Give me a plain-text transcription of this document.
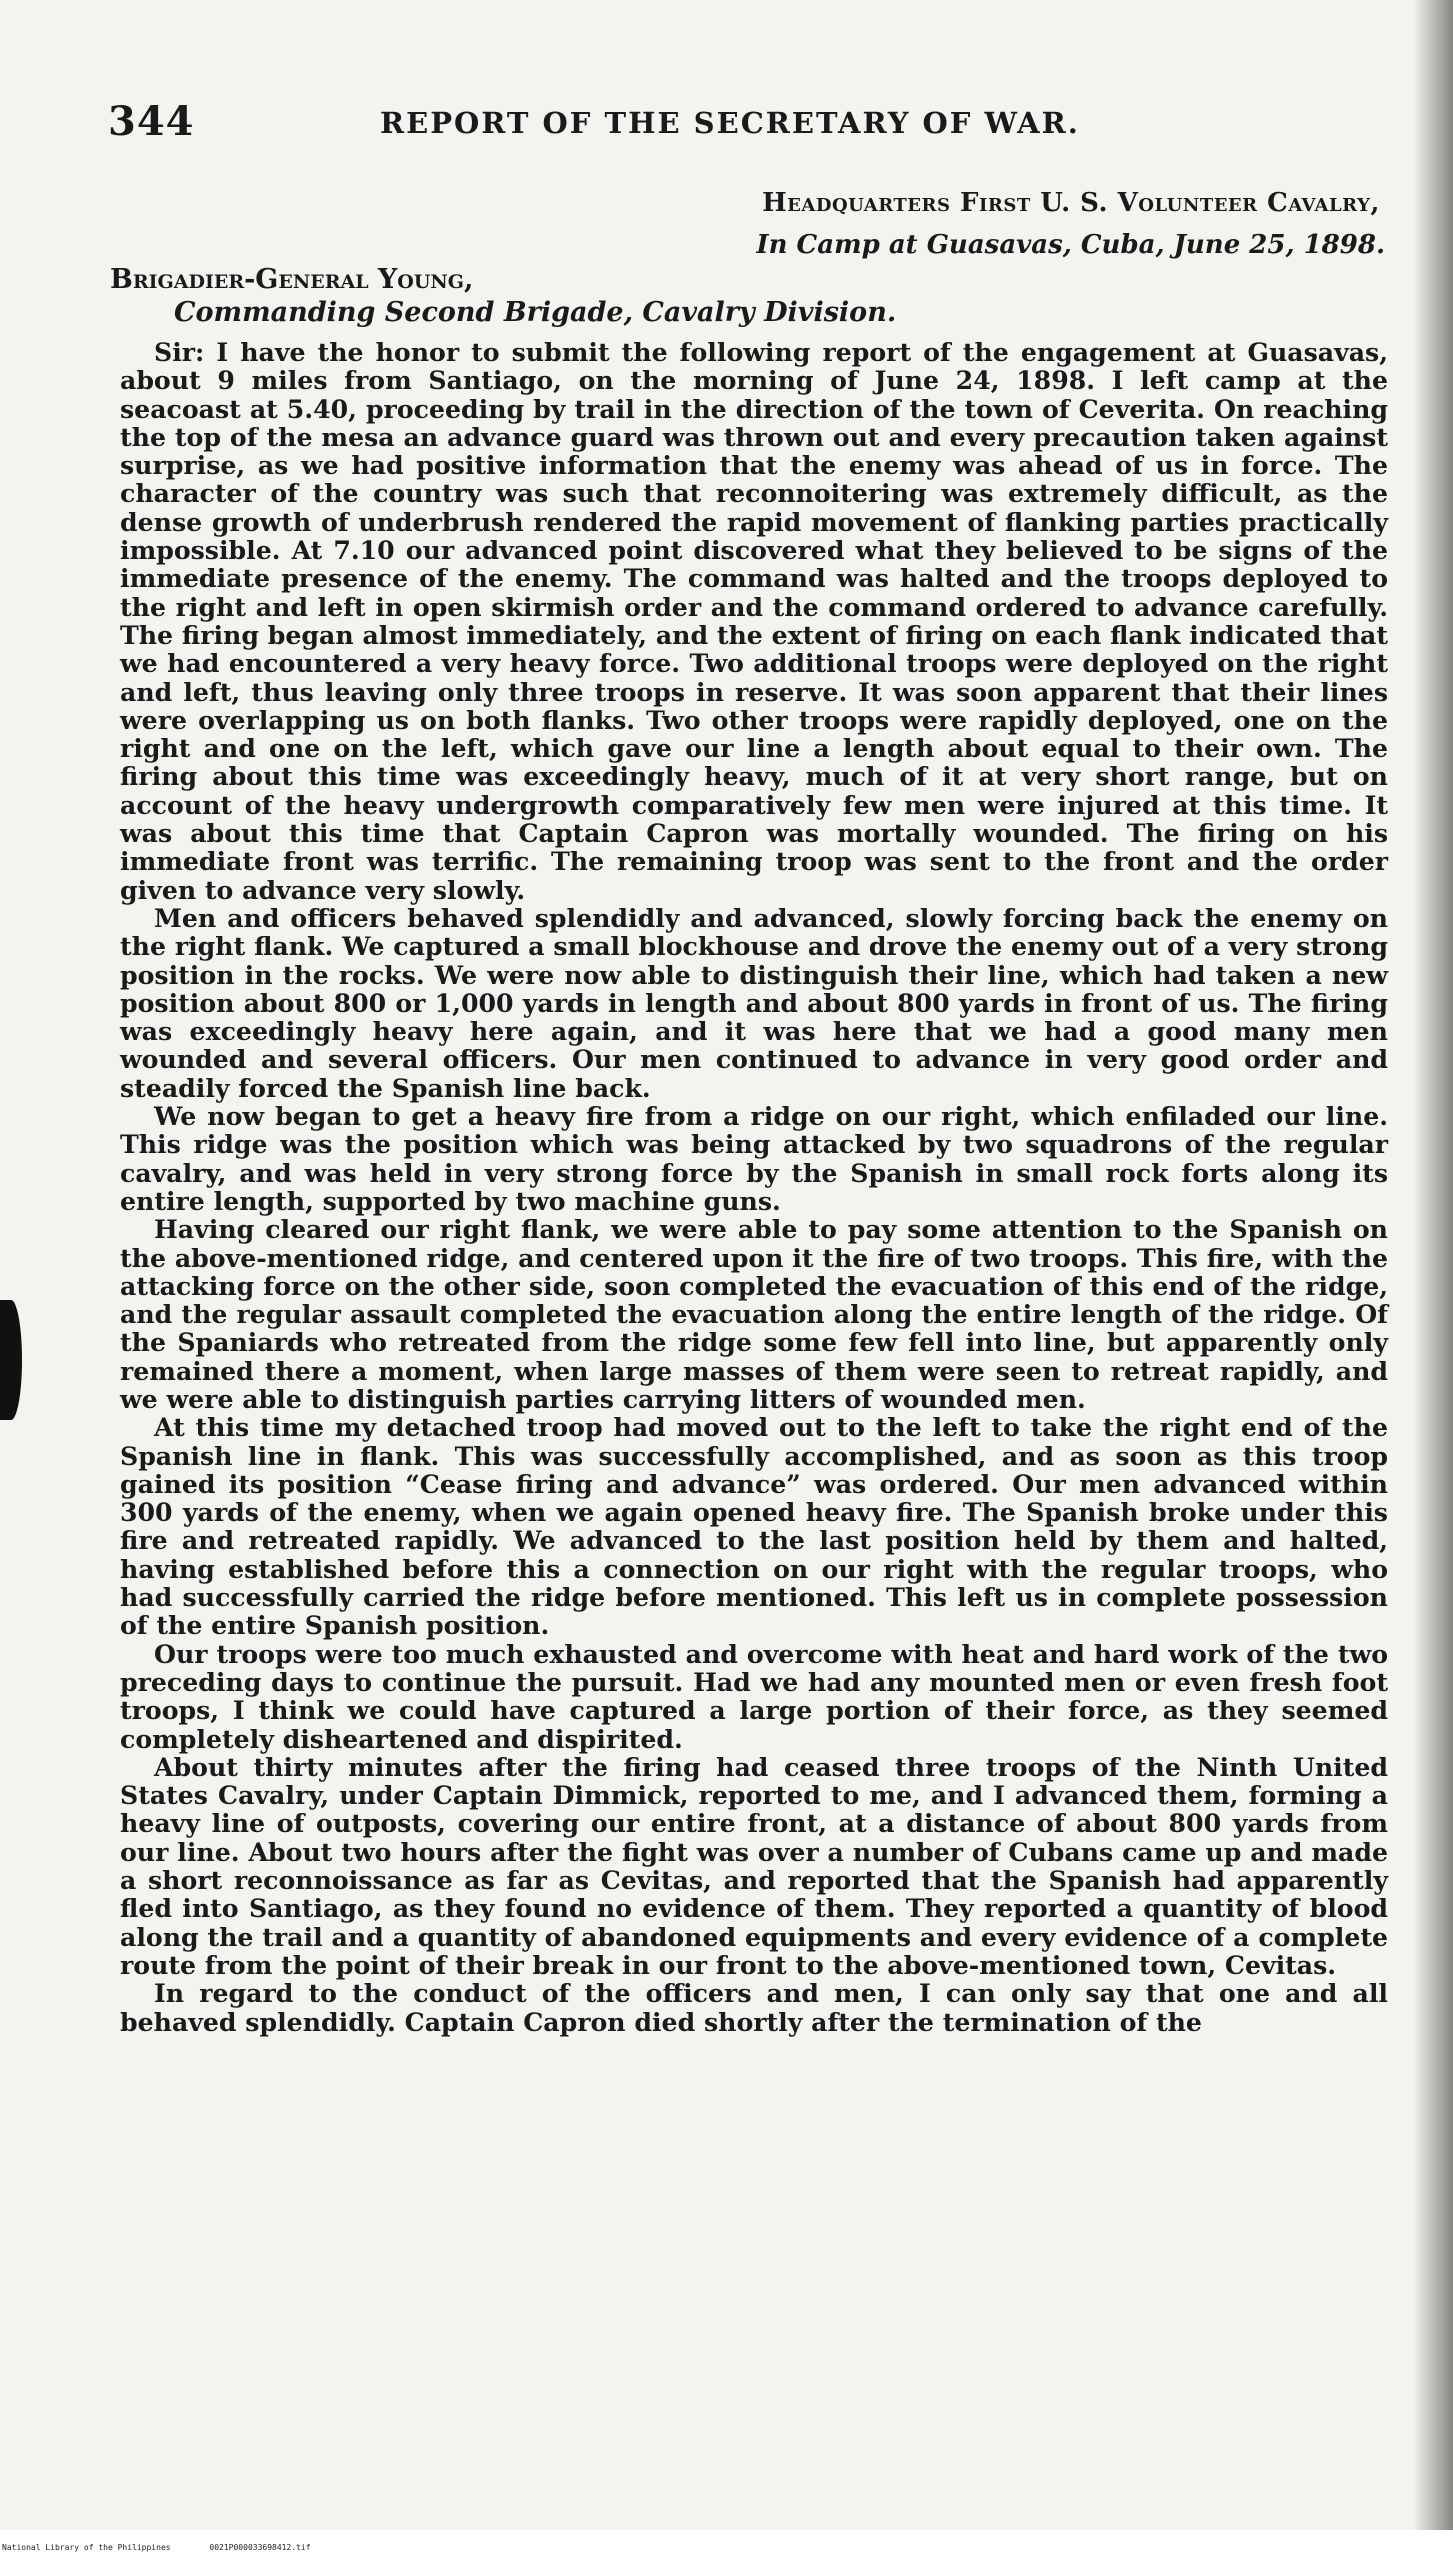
344	REPORT OF THE SECRETARY OF WAR.
Headquarters First U. S. Volunteer Cavalry,
In Camp at Guasavas, Cuba, June 25, 1898.
Brigadier-General Young,
Commanding Second Brigade, Cavalry Division.

Sir: I have the honor to submit the following report of the engagement at Guasavas, about 9 miles from Santiago, on the morning of June 24, 1898. I left camp at the seacoast at 5.40, proceeding by trail in the direction of the town of Ceverita. On reaching the top of the mesa an advance guard was thrown out and every precaution taken against surprise, as we had positive information that the enemy was ahead of us in force. The character of the country was such that reconnoitering was extremely difficult, as the dense growth of underbrush rendered the rapid movement of flanking parties practically impossible. At 7.10 our advanced point discovered what they believed to be signs of the immediate presence of the enemy. The command was halted and the troops deployed to the right and left in open skirmish order and the command ordered to advance carefully. The firing began almost immediately, and the extent of firing on each flank indicated that we had encountered a very heavy force. Two additional troops were deployed on the right and left, thus leaving only three troops in reserve. It was soon apparent that their lines were overlapping us on both flanks. Two other troops were rapidly deployed, one on the right and one on the left, which gave our line a length about equal to their own. The firing about this time was exceedingly heavy, much of it at very short range, but on account of the heavy undergrowth comparatively few men were injured at this time. It was about this time that Captain Capron was mortally wounded. The firing on his immediate front was terrific. The remaining troop was sent to the front and the order given to advance very slowly.

Men and officers behaved splendidly and advanced, slowly forcing back the enemy on the right flank. We captured a small blockhouse and drove the enemy out of a very strong position in the rocks. We were now able to distinguish their line, which had taken a new position about 800 or 1,000 yards in length and about 800 yards in front of us. The firing was exceedingly heavy here again, and it was here that we had a good many men wounded and several officers. Our men continued to advance in very good order and steadily forced the Spanish line back.

We now began to get a heavy fire from a ridge on our right, which enfiladed our line. This ridge was the position which was being attacked by two squadrons of the regular cavalry, and was held in very strong force by the Spanish in small rock forts along its entire length, supported by two machine guns.

Having cleared our right flank, we were able to pay some attention to the Spanish on the above-mentioned ridge, and centered upon it the fire of two troops. This fire, with the attacking force on the other side, soon completed the evacuation of this end of the ridge, and the regular assault completed the evacuation along the entire length of the ridge. Of the Spaniards who retreated from the ridge some few fell into line, but apparently only remained there a moment, when large masses of them were seen to retreat rapidly, and we were able to distinguish parties carrying litters of wounded men.

At this time my detached troop had moved out to the left to take the right end of the Spanish line in flank. This was successfully accomplished, and as soon as this troop gained its position “Cease firing and advance” was ordered. Our men advanced within 300 yards of the enemy, when we again opened heavy fire. The Spanish broke under this fire and retreated rapidly. We advanced to the last position held by them and halted, having established before this a connection on our right with the regular troops, who had successfully carried the ridge before mentioned. This left us in complete possession of the entire Spanish position.

Our troops were too much exhausted and overcome with heat and hard work of the two preceding days to continue the pursuit. Had we had any mounted men or even fresh foot troops, I think we could have captured a large portion of their force, as they seemed completely disheartened and dispirited.

About thirty minutes after the firing had ceased three troops of the Ninth United States Cavalry, under Captain Dimmick, reported to me, and I advanced them, forming a heavy line of outposts, covering our entire front, at a distance of about 800 yards from our line. About two hours after the fight was over a number of Cubans came up and made a short reconnoissance as far as Cevitas, and reported that the Spanish had apparently fled into Santiago, as they found no evidence of them. They reported a quantity of blood along the trail and a quantity of abandoned equipments and every evidence of a complete route from the point of their break in our front to the above-mentioned town, Cevitas.

In regard to the conduct of the officers and men, I can only say that one and all behaved splendidly. Captain Capron died shortly after the termination of the

National Library of the Philippines	0021P000033698412.tif
